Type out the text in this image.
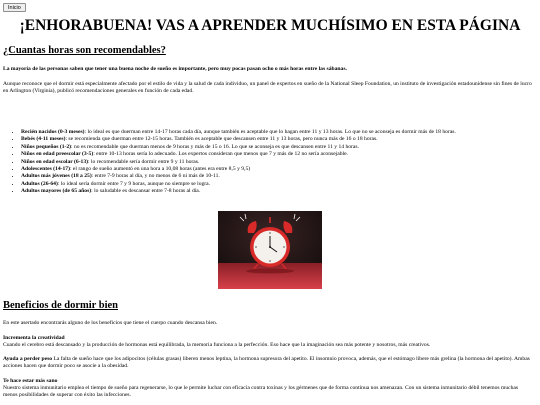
Inicio
¡ENHORABUENA! VAS A APRENDER MUCHÍSIMO EN ESTA PÁGINA
¿Cuantas horas son recomendables?

La mayoría de las personas saben que tener una buena noche de sueño es importante, pero muy pocas pasan ocho o más horas entre las sábanas.

Aunque reconoce que el dormir está especialmente afectado por el estilo de vida y la salud de cada individuo, un panel de expertos en sueño de la National Sleep Foundation, un instituto de investigación estadounidense sin fines de lucro en Arlington (Virginia), publicó recomendaciones generales en función de cada edad.

• Recién nacidos (0-3 meses): lo ideal es que duerman entre 14-17 horas cada día, aunque también es aceptable que lo hagan entre 11 y 13 horas. Lo que no se aconseja es dormir más de 18 horas.
• Bebés (4-11 meses): se recomienda que duerman entre 12-15 horas. También es aceptable que descansen entre 11 y 13 horas, pero nunca más de 16 o 18 horas.
• Niños pequeños (1-2): no es recomendable que duerman menos de 9 horas y más de 15 o 16. Lo que se aconseja es que descansen entre 11 y 14 horas.
• Niños en edad preescolar (3-5): entre 10-13 horas sería lo adecuado. Los expertos consideran que menos que 7 y más de 12 no sería aconsejable.
• Niños en edad escolar (6-13): lo recomendable sería dormir entre 9 y 11 horas.
• Adolescentes (14-17): el rango de sueño aumentó en una hora a 10,08 horas (antes era entre 8,5 y 9,5)
• Adultos más jóvenes (18 a 25): entre 7-9 horas al día, y no menos de 6 ni más de 10-11.
• Adultos (26-64): lo ideal sería dormir entre 7 y 9 horas, aunque no siempre se logra.
• Adultos mayores (de 65 años): lo saludable es descansar entre 7-8 horas al día.
Beneficios de dormir bien

En este asertado encontrarás alguno de los beneficios que tiene el cuerpo cuando descansa bien.

Incrementa la creatividad

Cuando el cerebro está descansado y la producción de hormonas está equilibrada, la memoria funciona a la perfección. Eso hace que la imaginación sea más potente y nosotros, más creativos.

Ayuda a perder peso La falta de sueño hace que los adipocitos (células grasas) liberen menos leptina, la hormona supresora del apetito. El insomnio provoca, además, que el estómago libere más grelina (la hormona del apetito). Ambas acciones hacen que dormir poco se asocie a la obesidad.

Te hace estar más sano

Nuestro sistema inmunitario emplea el tiempo de sueño para regenerarse, lo que le permite luchar con eficacia contra toxinas y los gérmenes que de forma continua nos amenazan. Con un sistema inmunitario débil tenemos muchas menos posibilidades de superar con éxito las infecciones.
